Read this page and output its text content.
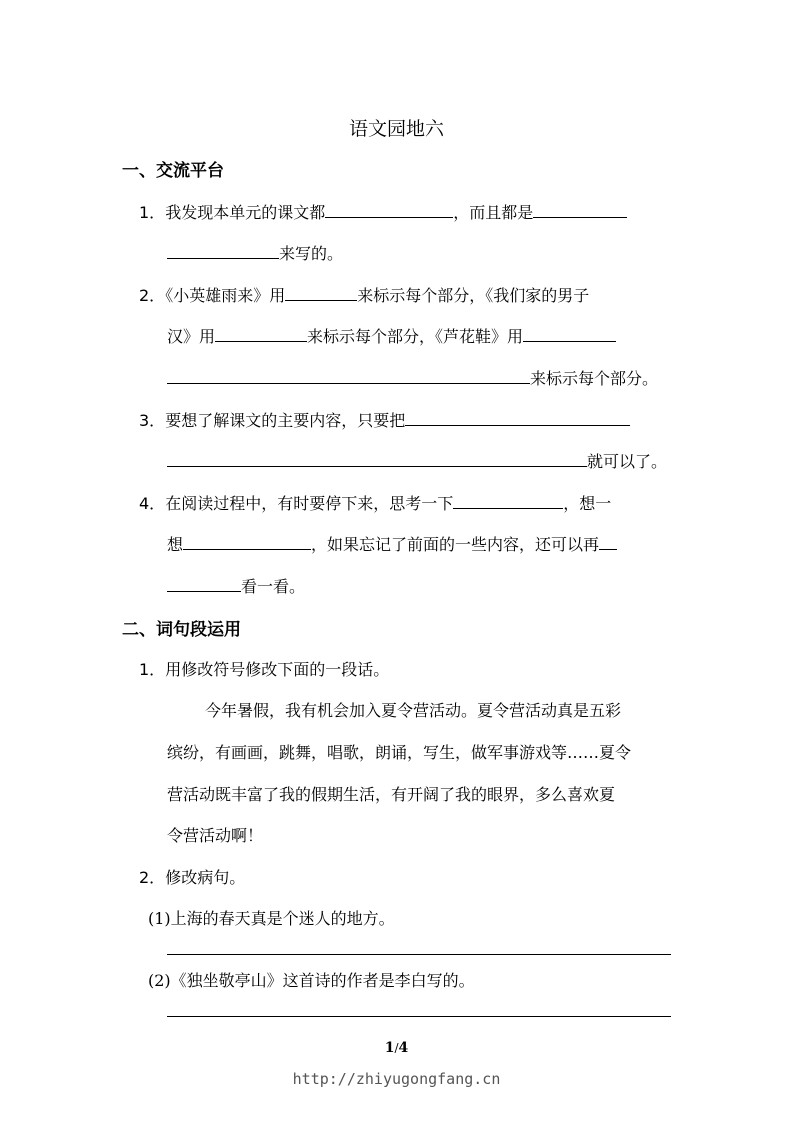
语文园地六
一、交流平台
1．我发现本单元的课文都	，而且都是
来写的。
2．《小英雄雨来》用	来标示每个部分，《我们家的男子
汉》用	来标示每个部分，《芦花鞋》用
来标示每个部分。
3．要想了解课文的主要内容，只要把
就可以了。
4．在阅读过程中，有时要停下来，思考一下	，想一
想	，如果忘记了前面的一些内容，还可以再
看一看。
二、词句段运用
1．用修改符号修改下面的一段话。
今年暑假，我有机会加入夏令营活动。夏令营活动真是五彩
缤纷，有画画，跳舞，唱歌，朗诵，写生，做军事游戏等……夏令
营活动既丰富了我的假期生活，有开阔了我的眼界，多么喜欢夏
令营活动啊！
2．修改病句。
(1)上海的春天真是个迷人的地方。
(2)《独坐敬亭山》这首诗的作者是李白写的。
1/4
http://zhiyugongfang.cn
